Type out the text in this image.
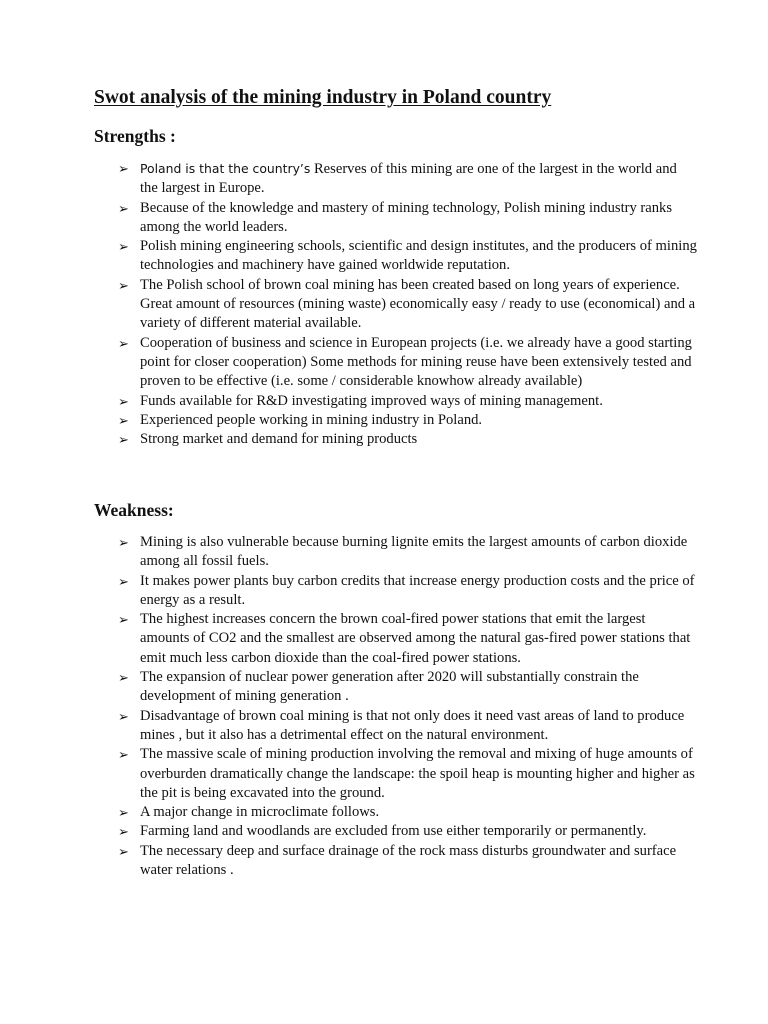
Swot analysis of the mining industry in Poland country
Strengths :
➢ Poland is that the country’s Reserves of this mining are one of the largest in the world and the largest in Europe.
➢ Because of the knowledge and mastery of mining technology, Polish mining industry ranks among the world leaders.
➢ Polish mining engineering schools, scientific and design institutes, and the producers of mining technologies and machinery have gained worldwide reputation.
➢ The Polish school of brown coal mining has been created based on long years of experience. Great amount of resources (mining waste) economically easy / ready to use (economical) and a variety of different material available.
➢ Cooperation of business and science in European projects (i.e. we already have a good starting point for closer cooperation) Some methods for mining reuse have been extensively tested and proven to be effective (i.e. some / considerable knowhow already available)
➢ Funds available for R&D investigating improved ways of mining management.
➢ Experienced people working in mining industry in Poland.
➢ Strong market and demand for mining products
Weakness:
➢ Mining is also vulnerable because burning lignite emits the largest amounts of carbon dioxide among all fossil fuels.
➢ It makes power plants buy carbon credits that increase energy production costs and the price of energy as a result.
➢ The highest increases concern the brown coal-fired power stations that emit the largest amounts of CO2 and the smallest are observed among the natural gas-fired power stations that emit much less carbon dioxide than the coal-fired power stations.
➢ The expansion of nuclear power generation after 2020 will substantially constrain the development of mining generation .
➢ Disadvantage of brown coal mining is that not only does it need vast areas of land to produce mines , but it also has a detrimental effect on the natural environment.
➢ The massive scale of mining production involving the removal and mixing of huge amounts of overburden dramatically change the landscape: the spoil heap is mounting higher and higher as the pit is being excavated into the ground.
➢ A major change in microclimate follows.
➢ Farming land and woodlands are excluded from use either temporarily or permanently.
➢ The necessary deep and surface drainage of the rock mass disturbs groundwater and surface water relations .
